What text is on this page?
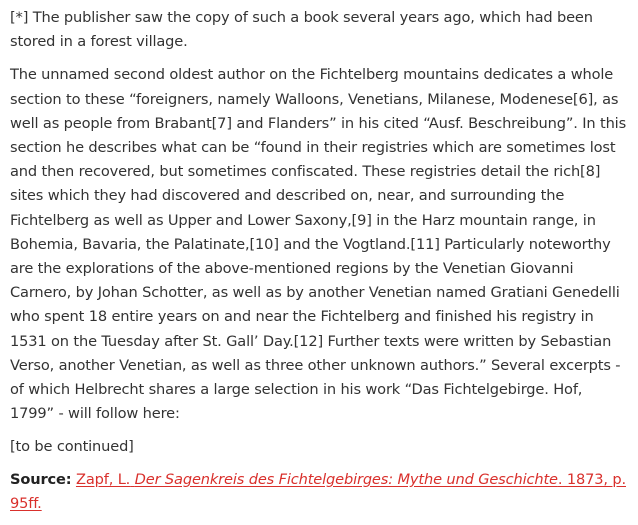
[*] The publisher saw the copy of such a book several years ago, which had been stored in a forest village.

The unnamed second oldest author on the Fichtelberg mountains dedicates a whole section to these “foreigners, namely Walloons, Venetians, Milanese, Modenese[6], as well as people from Brabant[7] and Flanders” in his cited “Ausf. Beschreibung”. In this section he describes what can be “found in their registries which are sometimes lost and then recovered, but sometimes confiscated. These registries detail the rich[8] sites which they had discovered and described on, near, and surrounding the Fichtelberg as well as Upper and Lower Saxony,[9] in the Harz mountain range, in Bohemia, Bavaria, the Palatinate,[10] and the Vogtland.[11] Particularly noteworthy are the explorations of the above-mentioned regions by the Venetian Giovanni Carnero, by Johan Schotter, as well as by another Venetian named Gratiani Genedelli who spent 18 entire years on and near the Fichtelberg and finished his registry in 1531 on the Tuesday after St. Gall’ Day.[12] Further texts were written by Sebastian Verso, another Venetian, as well as three other unknown authors.” Several excerpts - of which Helbrecht shares a large selection in his work “Das Fichtelgebirge. Hof, 1799” - will follow here:

[to be continued]

Source: Zapf, L. Der Sagenkreis des Fichtelgebirges: Mythe und Geschichte. 1873, p. 95ff.
